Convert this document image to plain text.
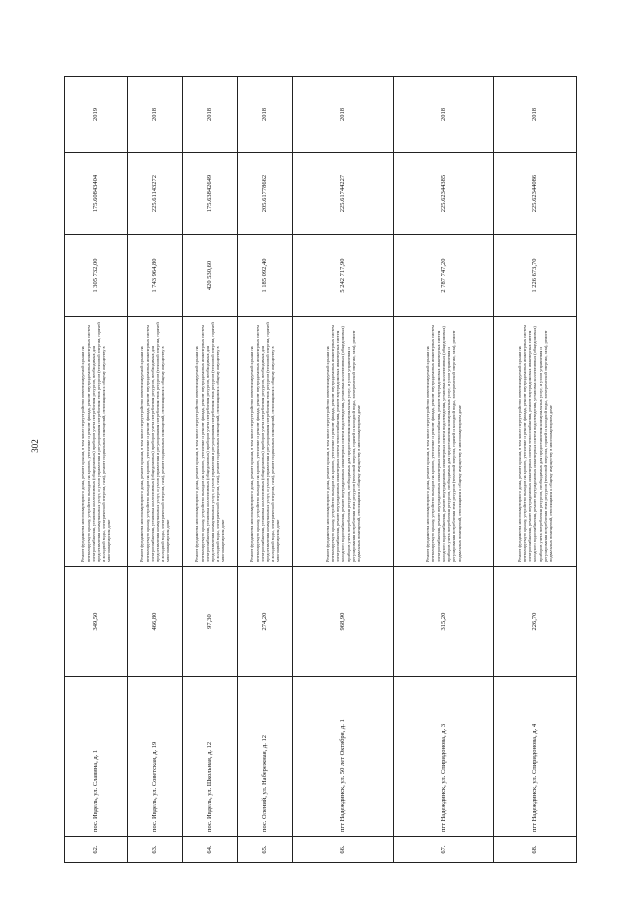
302
62.	пос. Ивдель, ул. Славина, д. 1	349,50	Ремонт фундамента многоквартирного дома, ремонт крыши, в том числе переустройство невентилируемой крыши на вентилируемую крышу, устройство выходов на кровлю, утепление и ремонт фасада, ремонт внутридомовых инженерных систем электроснабжения, установка коллективных (общедомовых) приборов учета потребления ресурсов, необходимых для предоставления коммунальных услуг, и узлов управления и регулирования потребления этих ресурсов (тепловой энергии, горячей и холодной воды, электрической энергии, газа), ремонт подвальных помещений, относящихся к общему имуществу в многоквартирном доме	1 305 732,00	175.60843404	2019
63.	пос. Ивдель, ул. Советская, д. 19	466,80	Ремонт фундамента многоквартирного дома, ремонт крыши, в том числе переустройство невентилируемой крыши на вентилируемую крышу, устройство выходов на кровлю, утепление и ремонт фасада, ремонт внутридомовых инженерных систем электроснабжения, установка коллективных (общедомовых) приборов учета потребления ресурсов, необходимых для предоставления коммунальных услуг, и узлов управления и регулирования потребления этих ресурсов (тепловой энергии, горячей и холодной воды, электрической энергии, газа), ремонт подвальных помещений, относящихся к общему имуществу в многоквартирном доме	1 743 964,80	225.61143272	2018
64.	пос. Ивдель, ул. Школьная, д. 12	97,30	Ремонт фундамента многоквартирного дома, ремонт крыши, в том числе переустройство невентилируемой крыши на вентилируемую крышу, устройство выходов на кровлю, утепление и ремонт фасада, ремонт внутридомовых инженерных систем электроснабжения, установка коллективных (общедомовых) приборов учета потребления ресурсов, необходимых для предоставления коммунальных услуг, и узлов управления и регулирования потребления этих ресурсов (тепловой энергии, горячей и холодной воды, электрической энергии, газа), ремонт подвальных помещений, относящихся к общему имуществу в многоквартирном доме	420 530,60	175.63842649	2018
65.	пос. Олений, ул. Набережная, д. 12	274,20	Ремонт фундамента многоквартирного дома, ремонт крыши, в том числе переустройство невентилируемой крыши на вентилируемую крышу, устройство выходов на кровлю, утепление и ремонт фасада, ремонт внутридомовых инженерных систем электроснабжения, установка коллективных (общедомовых) приборов учета потребления ресурсов, необходимых для предоставления коммунальных услуг, и узлов управления и регулирования потребления этих ресурсов (тепловой энергии, горячей и холодной воды, электрической энергии, газа), ремонт подвальных помещений, относящихся к общему имуществу в многоквартирном доме	1 185 092,40	205.61778662	2018
66.	пгт Надеждинск, ул. 50 лет Октября, д. 1	968,90	Ремонт фундамента многоквартирного дома, ремонт крыши, в том числе переустройство невентилируемой крыши на вентилируемую крышу, устройство выходов на кровлю, утепление и ремонт фасада, ремонт внутридомовых инженерных систем электроснабжения, ремонт внутридомовых инженерных систем теплоснабжения, ремонт внутридомовых инженерных систем холодного водоснабжения, ремонт внутридомовых инженерных систем водоотведения, установка коллективных (общедомовых) приборов учета потребления ресурсов, необходимых для предоставления коммунальных услуг, и узлов управления и регулирования потребления этих ресурсов (тепловой энергии, горячей и холодной воды, электрической энергии, газа), ремонт подвальных помещений, относящихся к общему имуществу в многоквартирном доме	5 242 717,90	225.61744227	2018
67.	пгт Надеждинск, ул. Спиридонова, д. 3	315,20	Ремонт фундамента многоквартирного дома, ремонт крыши, в том числе переустройство невентилируемой крыши на вентилируемую крышу, устройство выходов на кровлю, утепление и ремонт фасада, ремонт внутридомовых инженерных систем электроснабжения, ремонт внутридомовых инженерных систем теплоснабжения, ремонт внутридомовых инженерных систем холодного водоснабжения, ремонт внутридомовых инженерных систем водоотведения, установка коллективных (общедомовых) приборов учета потребления ресурсов, необходимых для предоставления коммунальных услуг, и узлов управления и регулирования потребления этих ресурсов (тепловой энергии, горячей и холодной воды, электрической энергии, газа), ремонт подвальных помещений, относящихся к общему имуществу в многоквартирном доме	2 787 747,20	225.62344385	2018
68.	пгт Надеждинск, ул. Спиридонова, д. 4	226,70	Ремонт фундамента многоквартирного дома, ремонт крыши, в том числе переустройство невентилируемой крыши на вентилируемую крышу, устройство выходов на кровлю, утепление и ремонт фасада, ремонт внутридомовых инженерных систем электроснабжения, ремонт внутридомовых инженерных систем теплоснабжения, ремонт внутридомовых инженерных систем холодного водоснабжения, ремонт внутридомовых инженерных систем водоотведения, установка коллективных (общедомовых) приборов учета потребления ресурсов, необходимых для предоставления коммунальных услуг, и узлов управления и регулирования потребления этих ресурсов (тепловой энергии, горячей и холодной воды, электрической энергии, газа), ремонт подвальных помещений, относящихся к общему имуществу в многоквартирном доме	1 226 673,70	225.62344086	2018
